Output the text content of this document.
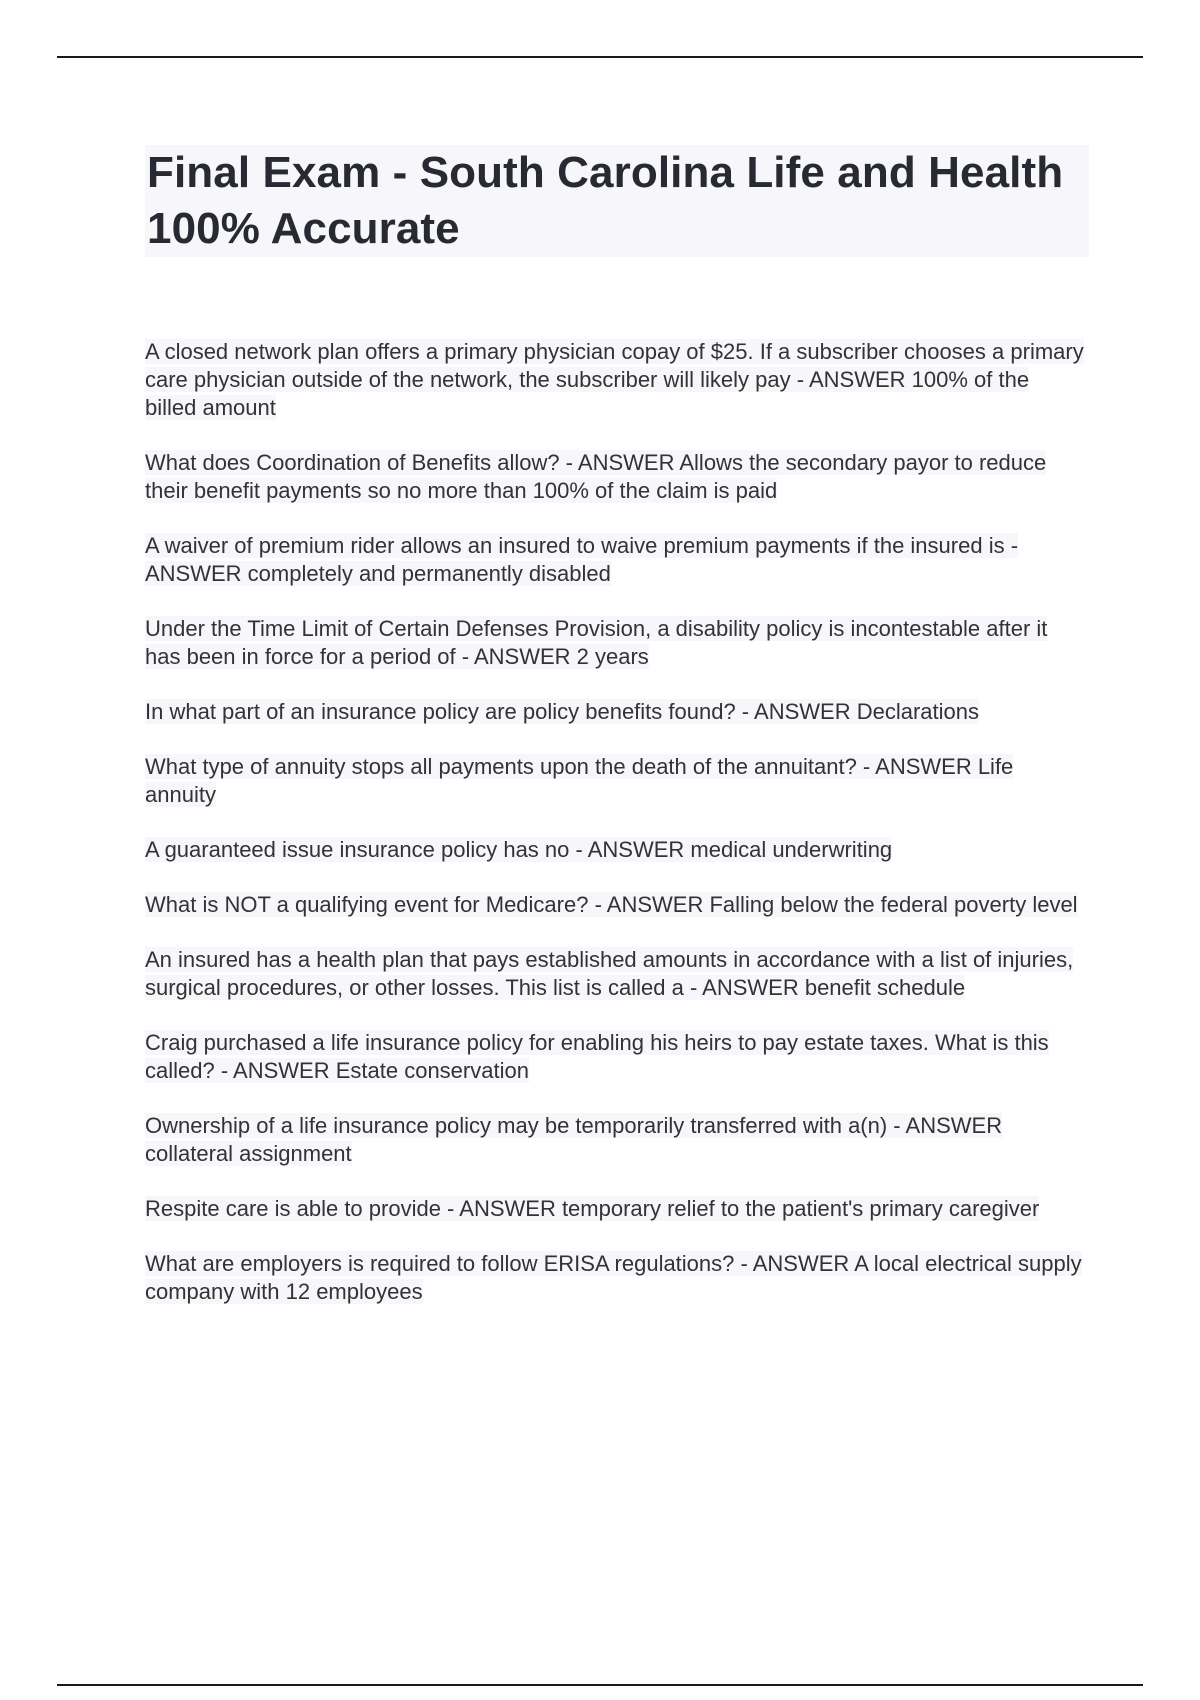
Final Exam - South Carolina Life and Health 100% Accurate

A closed network plan offers a primary physician copay of $25. If a subscriber chooses a primary care physician outside of the network, the subscriber will likely pay - ANSWER 100% of the billed amount

What does Coordination of Benefits allow? - ANSWER Allows the secondary payor to reduce their benefit payments so no more than 100% of the claim is paid

A waiver of premium rider allows an insured to waive premium payments if the insured is - ANSWER completely and permanently disabled

Under the Time Limit of Certain Defenses Provision, a disability policy is incontestable after it has been in force for a period of - ANSWER 2 years

In what part of an insurance policy are policy benefits found? - ANSWER Declarations

What type of annuity stops all payments upon the death of the annuitant? - ANSWER Life annuity

A guaranteed issue insurance policy has no - ANSWER medical underwriting

What is NOT a qualifying event for Medicare? - ANSWER Falling below the federal poverty level

An insured has a health plan that pays established amounts in accordance with a list of injuries, surgical procedures, or other losses. This list is called a - ANSWER benefit schedule

Craig purchased a life insurance policy for enabling his heirs to pay estate taxes. What is this called? - ANSWER Estate conservation

Ownership of a life insurance policy may be temporarily transferred with a(n) - ANSWER collateral assignment

Respite care is able to provide - ANSWER temporary relief to the patient's primary caregiver

What are employers is required to follow ERISA regulations? - ANSWER A local electrical supply company with 12 employees
